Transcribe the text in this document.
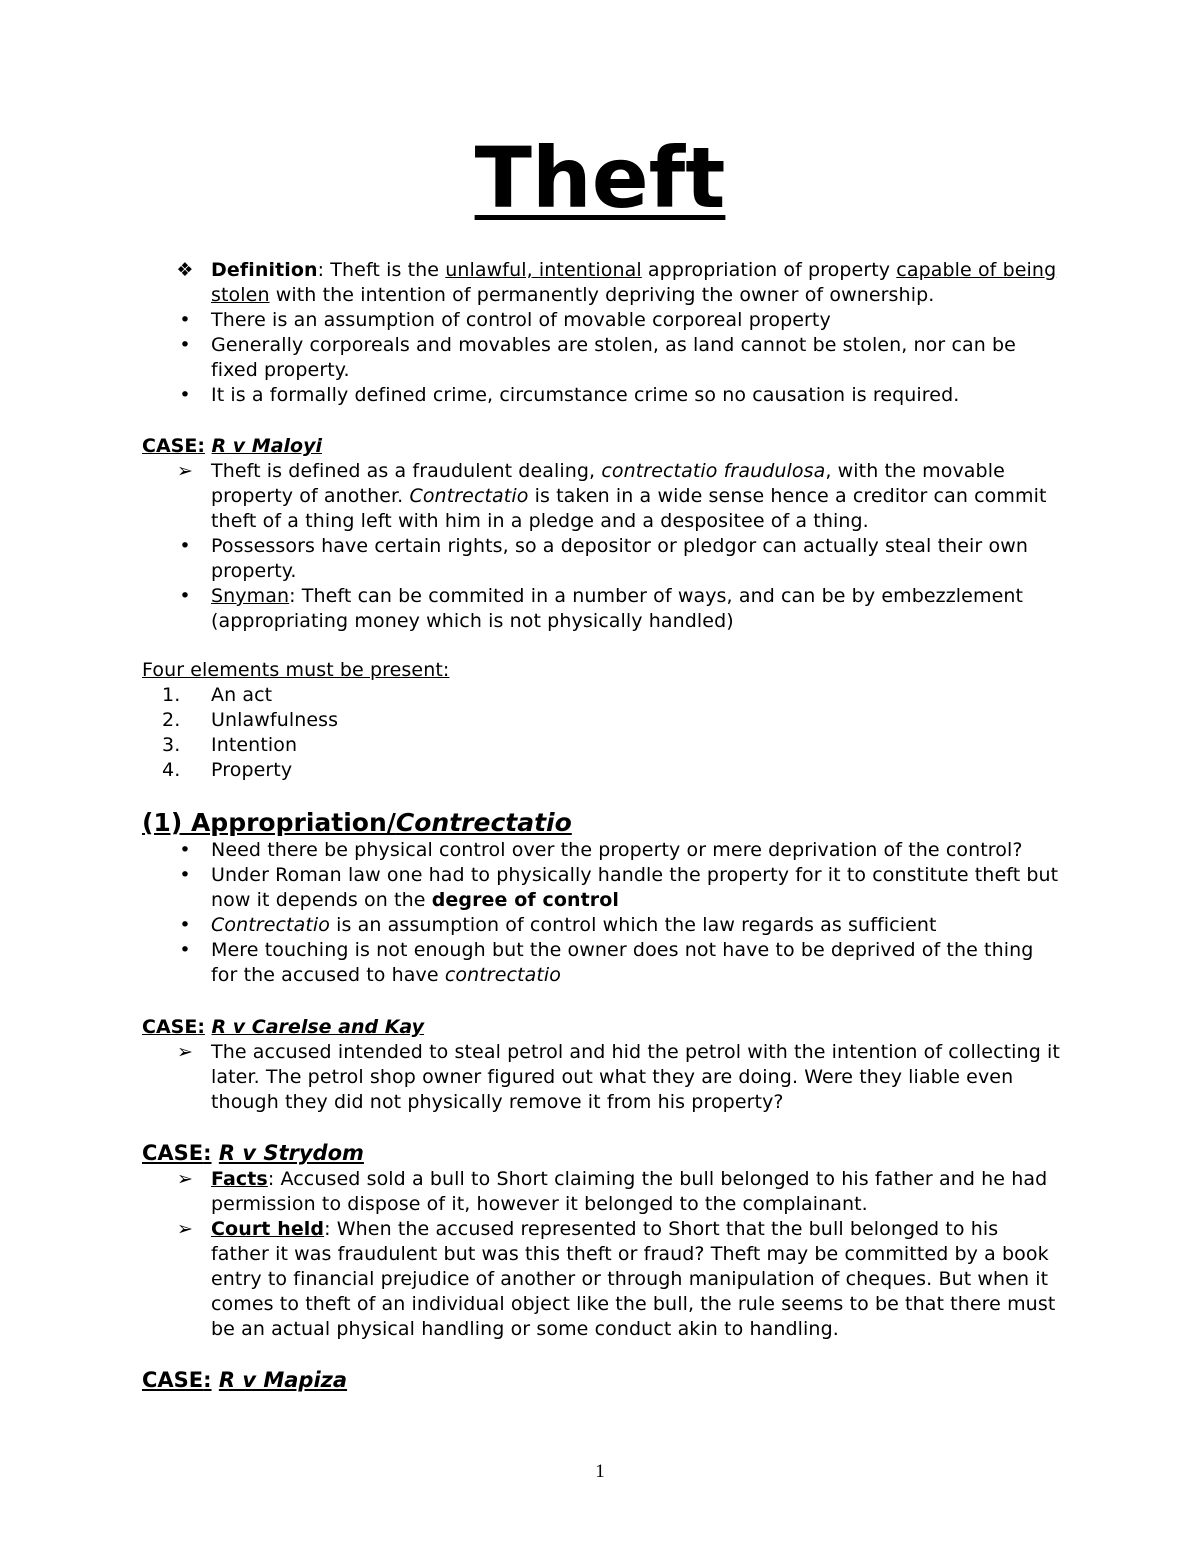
Theft
❖ Definition: Theft is the unlawful, intentional appropriation of property capable of being stolen with the intention of permanently depriving the owner of ownership.
• There is an assumption of control of movable corporeal property
• Generally corporeals and movables are stolen, as land cannot be stolen, nor can be fixed property.
• It is a formally defined crime, circumstance crime so no causation is required.
CASE: R v Maloyi
➢ Theft is defined as a fraudulent dealing, contrectatio fraudulosa, with the movable property of another. Contrectatio is taken in a wide sense hence a creditor can commit theft of a thing left with him in a pledge and a despositee of a thing.
• Possessors have certain rights, so a depositor or pledgor can actually steal their own property.
• Snyman: Theft can be commited in a number of ways, and can be by embezzlement (appropriating money which is not physically handled)
Four elements must be present:
1.	An act
2.	Unlawfulness
3.	Intention
4.	Property
(1) Appropriation/Contrectatio
• Need there be physical control over the property or mere deprivation of the control?
• Under Roman law one had to physically handle the property for it to constitute theft but now it depends on the degree of control
• Contrectatio is an assumption of control which the law regards as sufficient
• Mere touching is not enough but the owner does not have to be deprived of the thing for the accused to have contrectatio
CASE: R v Carelse and Kay
➢ The accused intended to steal petrol and hid the petrol with the intention of collecting it later. The petrol shop owner figured out what they are doing. Were they liable even though they did not physically remove it from his property?
CASE: R v Strydom
➢ Facts: Accused sold a bull to Short claiming the bull belonged to his father and he had permission to dispose of it, however it belonged to the complainant.
➢ Court held: When the accused represented to Short that the bull belonged to his father it was fraudulent but was this theft or fraud? Theft may be committed by a book entry to financial prejudice of another or through manipulation of cheques. But when it comes to theft of an individual object like the bull, the rule seems to be that there must be an actual physical handling or some conduct akin to handling.
CASE: R v Mapiza
1
